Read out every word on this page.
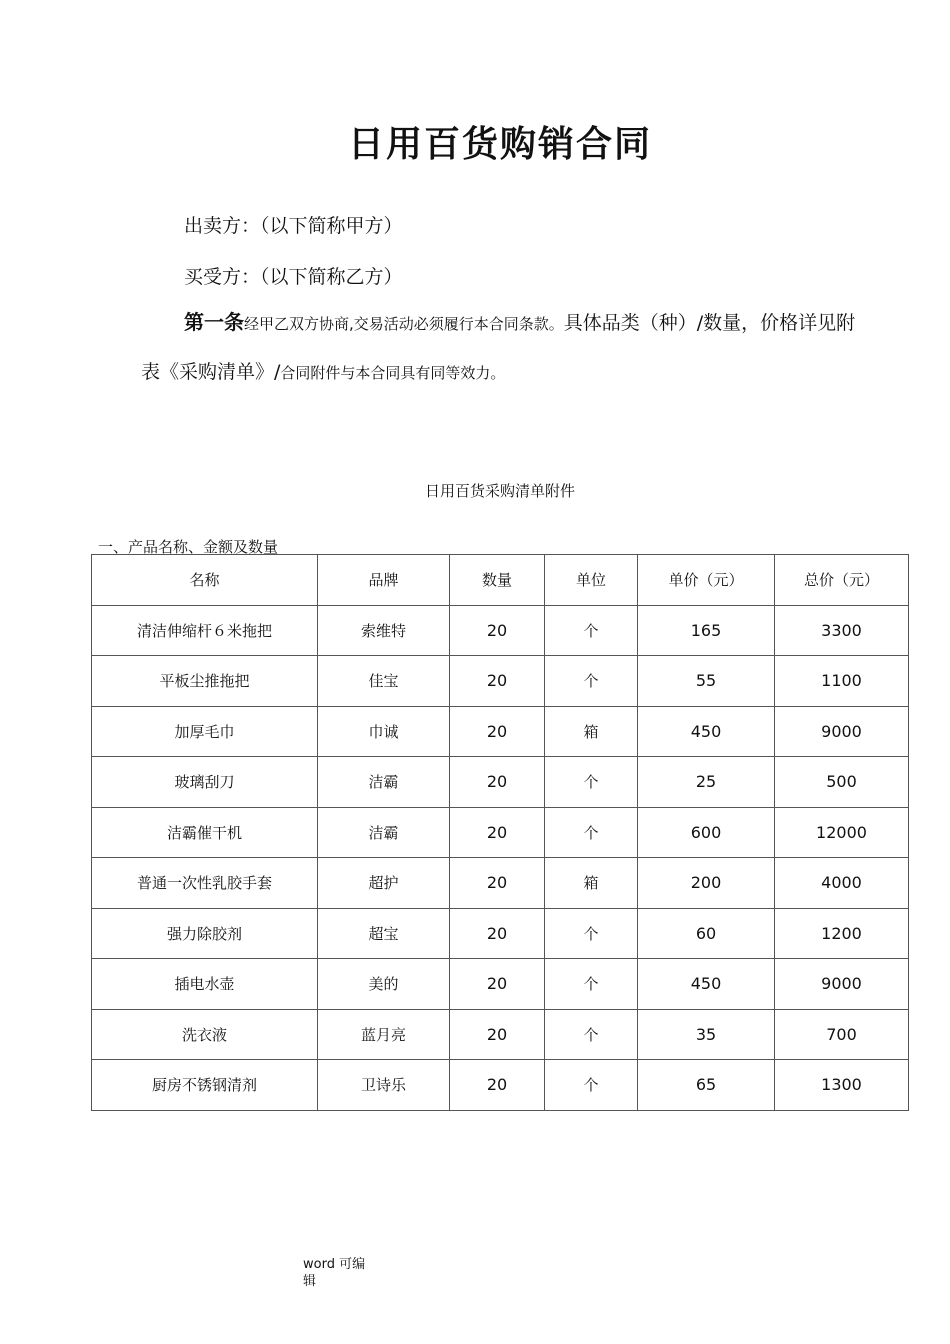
日用百货购销合同
出卖方：（以下简称甲方）
买受方：（以下简称乙方）
第一条经甲乙双方协商,交易活动必须履行本合同条款。具体品类（种）/数量，价格详见附
表《采购清单》/合同附件与本合同具有同等效力。
日用百货采购清单附件
一、产品名称、金额及数量
名称	品牌	数量	单位	单价（元）	总价（元）
清洁伸缩杆６米拖把	索维特	20	个	165	3300
平板尘推拖把	佳宝	20	个	55	1100
加厚毛巾	巾诚	20	箱	450	9000
玻璃刮刀	洁霸	20	个	25	500
洁霸催干机	洁霸	20	个	600	12000
普通一次性乳胶手套	超护	20	箱	200	4000
强力除胶剂	超宝	20	个	60	1200
插电水壶	美的	20	个	450	9000
洗衣液	蓝月亮	20	个	35	700
厨房不锈钢清剂	卫诗乐	20	个	65	1300
word 可编辑
